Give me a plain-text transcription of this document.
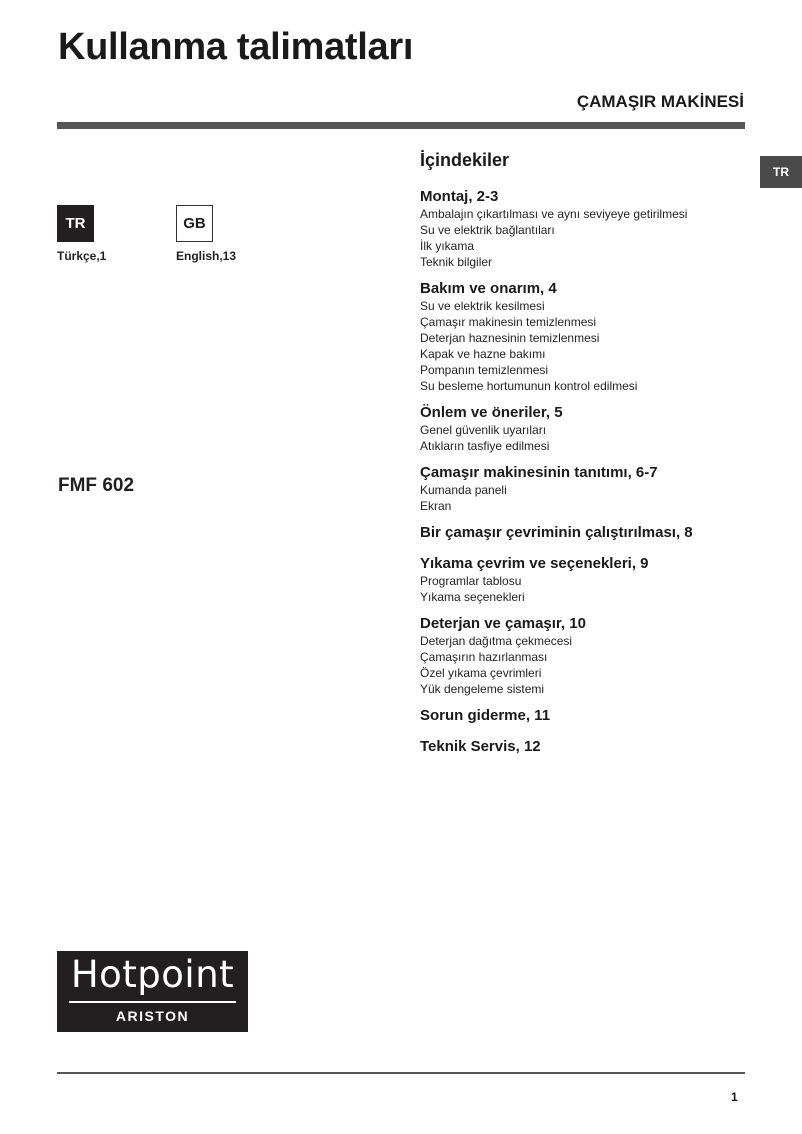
Kullanma talimatları
ÇAMAŞIR MAKİNESİ
TR
TR
Türkçe,1
GB
English,13
FMF 602
İçindekiler
Montaj, 2-3
Ambalajın çıkartılması ve aynı seviyeye getirilmesi
Su ve elektrik bağlantıları
İlk yıkama
Teknik bilgiler
Bakım ve onarım, 4
Su ve elektrik kesilmesi
Çamaşır makinesin temizlenmesi
Deterjan haznesinin temizlenmesi
Kapak ve hazne bakımı
Pompanın temizlenmesi
Su besleme hortumunun kontrol edilmesi
Önlem ve öneriler, 5
Genel güvenlik uyarıları
Atıkların tasfiye edilmesi
Çamaşır makinesinin tanıtımı, 6-7
Kumanda paneli
Ekran
Bir çamaşır çevriminin çalıştırılması, 8
Yıkama çevrim ve seçenekleri, 9
Programlar tablosu
Yıkama seçenekleri
Deterjan ve çamaşır, 10
Deterjan dağıtma çekmecesi
Çamaşırın hazırlanması
Özel yıkama çevrimleri
Yük dengeleme sistemi
Sorun giderme, 11
Teknik Servis, 12
Hotpoint
ARISTON
1
